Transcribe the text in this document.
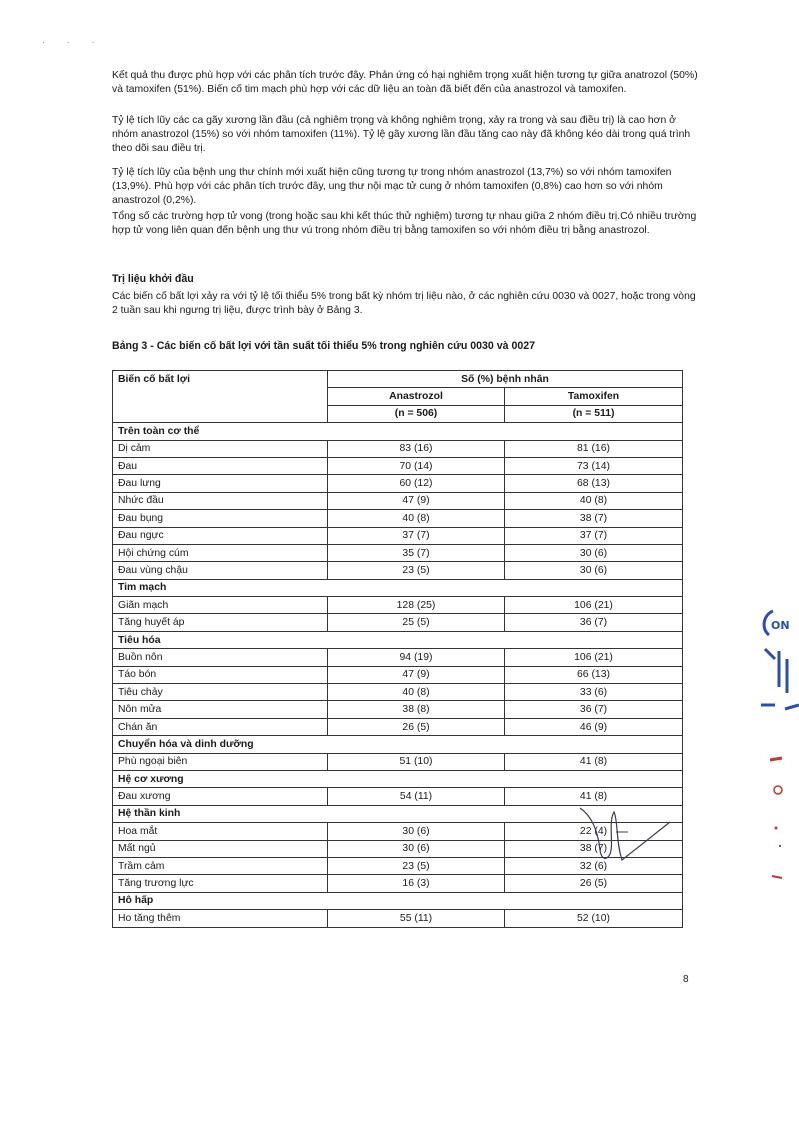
· · ·

Kết quả thu được phù hợp với các phân tích trước đây. Phản ứng có hại nghiêm trọng xuất hiện tương tự giữa anatrozol (50%) và tamoxifen (51%). Biến cố tim mạch phù hợp với các dữ liệu an toàn đã biết đến của anastrozol và tamoxifen.

Tỷ lệ tích lũy các ca gãy xương lần đầu (cả nghiêm trọng và không nghiêm trọng, xảy ra trong và sau điều trị) là cao hơn ở nhóm anastrozol (15%) so với nhóm tamoxifen (11%). Tỷ lệ gãy xương lần đầu tăng cao này đã không kéo dài trong quá trình theo dõi sau điều trị.

Tỷ lệ tích lũy của bệnh ung thư chính mới xuất hiện cũng tương tự trong nhóm anastrozol (13,7%) so với nhóm tamoxifen (13,9%). Phù hợp với các phân tích trước đây, ung thư nội mạc tử cung ở nhóm tamoxifen (0,8%) cao hơn so với nhóm anastrozol (0,2%).

Tổng số các trường hợp tử vong (trong hoặc sau khi kết thúc thử nghiệm) tương tự nhau giữa 2 nhóm điều trị.Có nhiều trường hợp tử vong liên quan đến bệnh ung thư vú trong nhóm điều trị bằng tamoxifen so với nhóm điều trị bằng anastrozol.

Trị liệu khởi đầu

Các biến cố bất lợi xảy ra với tỷ lệ tối thiểu 5% trong bất kỳ nhóm trị liệu nào, ở các nghiên cứu 0030 và 0027, hoặc trong vòng 2 tuần sau khi ngưng trị liệu, được trình bày ở Bảng 3.

Bảng 3 - Các biến cố bất lợi với tần suất tối thiểu 5% trong nghiên cứu 0030 và 0027

Biến cố bất lợi	Số (%) bệnh nhân	
	Anastrozol	Tamoxifen
	(n = 506)	(n = 511)
Trên toàn cơ thể		
Dị cảm	83 (16)	81 (16)
Đau	70 (14)	73 (14)
Đau lưng	60 (12)	68 (13)
Nhức đầu	47 (9)	40 (8)
Đau bụng	40 (8)	38 (7)
Đau ngực	37 (7)	37 (7)
Hội chứng cúm	35 (7)	30 (6)
Đau vùng chậu	23 (5)	30 (6)
Tim mạch		
Giãn mạch	128 (25)	106 (21)
Tăng huyết áp	25 (5)	36 (7)
Tiêu hóa		
Buồn nôn	94 (19)	106 (21)
Táo bón	47 (9)	66 (13)
Tiêu chảy	40 (8)	33 (6)
Nôn mửa	38 (8)	36 (7)
Chán ăn	26 (5)	46 (9)
Chuyển hóa và dinh dưỡng		
Phù ngoại biên	51 (10)	41 (8)
Hệ cơ xương		
Đau xương	54 (11)	41 (8)
Hệ thần kinh		
Hoa mắt	30 (6)	22 (4)
Mất ngủ	30 (6)	38 (7)
Trầm cảm	23 (5)	32 (6)
Tăng trương lực	16 (3)	26 (5)
Hô hấp		
Ho tăng thêm	55 (11)	52 (10)
ON
8
